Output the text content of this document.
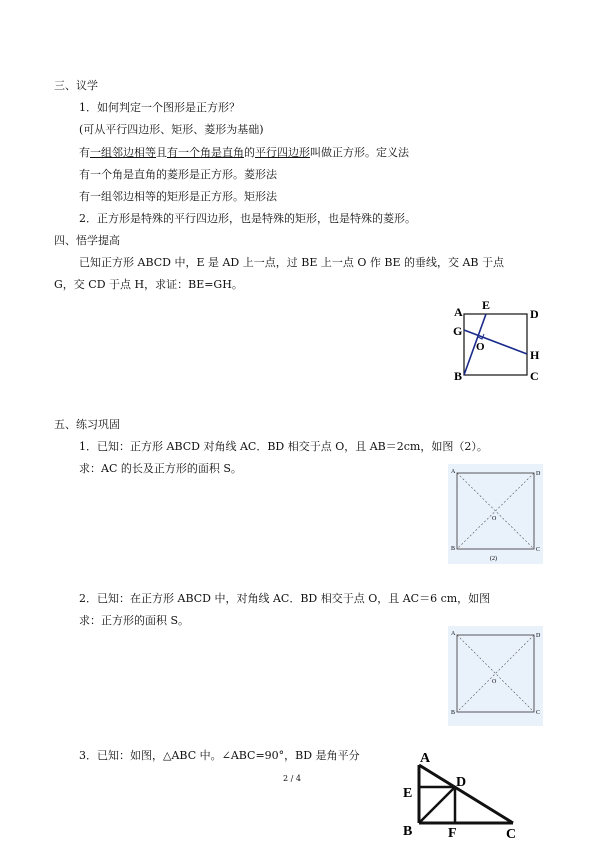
三、议学
1．如何判定一个图形是正方形？
(可从平行四边形、矩形、菱形为基础)
有一组邻边相等且有一个角是直角的平行四边形叫做正方形。定义法
有一个角是直角的菱形是正方形。菱形法
有一组邻边相等的矩形是正方形。矩形法
2．正方形是特殊的平行四边形，也是特殊的矩形，也是特殊的菱形。
四、悟学提高
已知正方形 ABCD 中，E 是 AD 上一点，过 BE 上一点 O 作 BE 的垂线，交 AB 于点
G，交 CD 于点 H，求证：BE=GH。
A E
D
G
O
H
B	C
五、练习巩固
1．已知：正方形 ABCD 对角线 AC．BD 相交于点 O，且 AB＝2cm，如图（2）。
求：AC 的长及正方形的面积 S。	A	D
O
B	C
(2)
2．已知：在正方形 ABCD 中，对角线 AC．BD 相交于点 O，且 AC＝6 cm，如图
求：正方形的面积 S。
A	D
O
B	C
3．已知：如图，△ABC 中。∠ABC=90°，BD 是角平分
2 / 4
A
D
E
B	F	C
